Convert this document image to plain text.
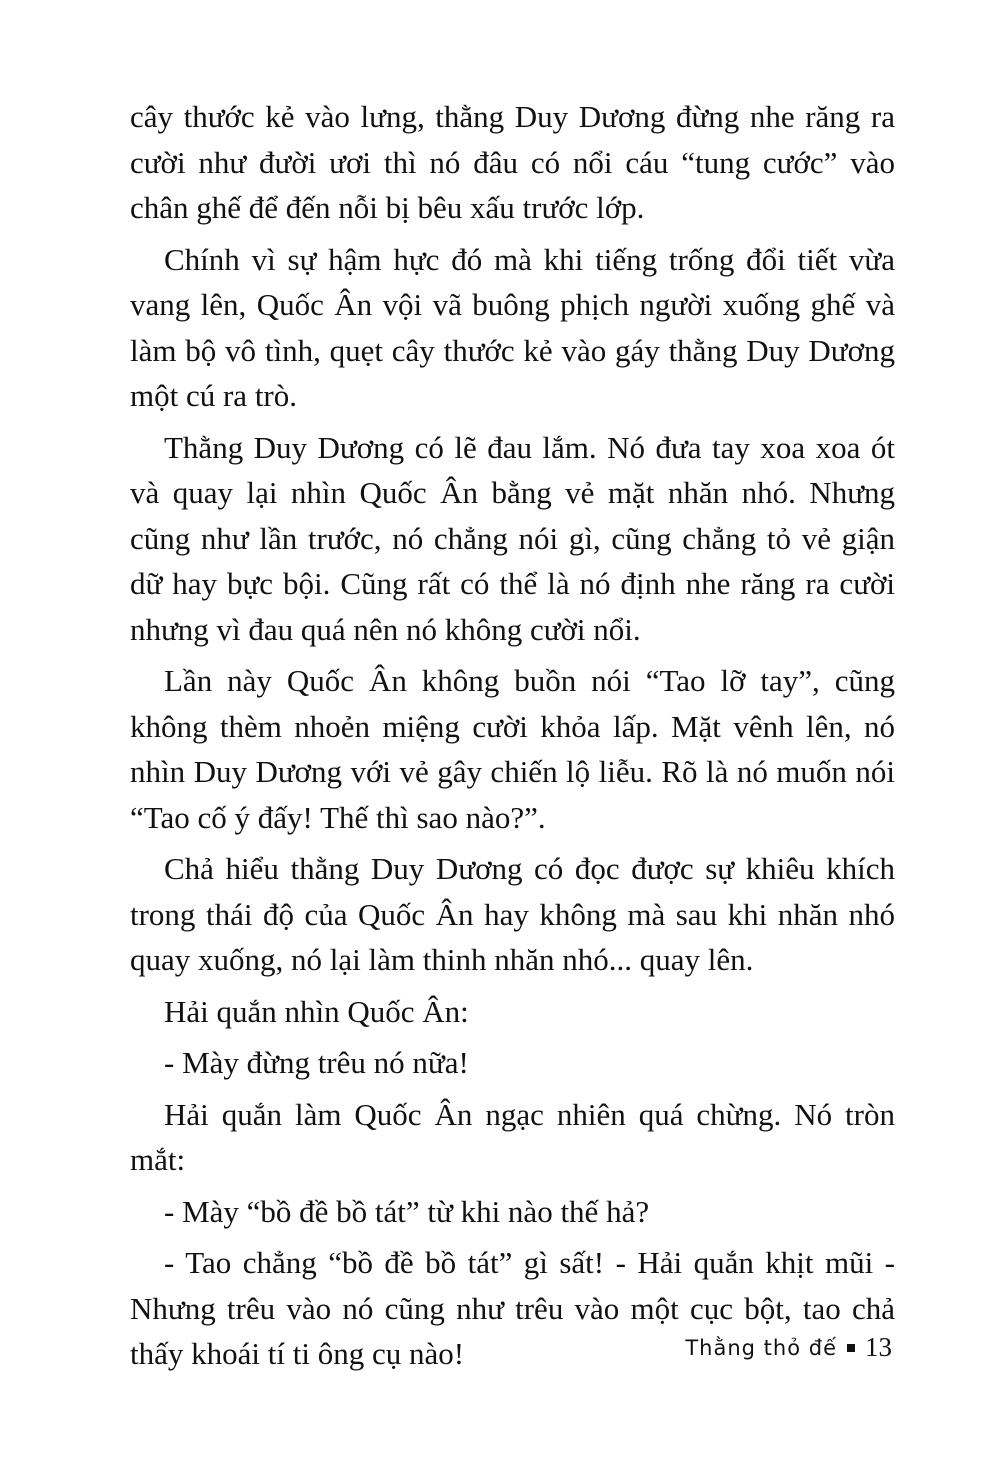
cây thước kẻ vào lưng, thằng Duy Dương đừng nhe răng ra cười như đười ươi thì nó đâu có nổi cáu “tung cước” vào chân ghế để đến nỗi bị bêu xấu trước lớp.

Chính vì sự hậm hực đó mà khi tiếng trống đổi tiết vừa vang lên, Quốc Ân vội vã buông phịch người xuống ghế và làm bộ vô tình, quẹt cây thước kẻ vào gáy thằng Duy Dương một cú ra trò.

Thằng Duy Dương có lẽ đau lắm. Nó đưa tay xoa xoa ót và quay lại nhìn Quốc Ân bằng vẻ mặt nhăn nhó. Nhưng cũng như lần trước, nó chẳng nói gì, cũng chẳng tỏ vẻ giận dữ hay bực bội. Cũng rất có thể là nó định nhe răng ra cười nhưng vì đau quá nên nó không cười nổi.

Lần này Quốc Ân không buồn nói “Tao lỡ tay”, cũng không thèm nhoẻn miệng cười khỏa lấp. Mặt vênh lên, nó nhìn Duy Dương với vẻ gây chiến lộ liễu. Rõ là nó muốn nói “Tao cố ý đấy! Thế thì sao nào?”.

Chả hiểu thằng Duy Dương có đọc được sự khiêu khích trong thái độ của Quốc Ân hay không mà sau khi nhăn nhó quay xuống, nó lại làm thinh nhăn nhó... quay lên.

Hải quắn nhìn Quốc Ân:

- Mày đừng trêu nó nữa!

Hải quắn làm Quốc Ân ngạc nhiên quá chừng. Nó tròn mắt:

- Mày “bồ đề bồ tát” từ khi nào thế hả?

- Tao chẳng “bồ đề bồ tát” gì sất! - Hải quắn khịt mũi - Nhưng trêu vào nó cũng như trêu vào một cục bột, tao chả thấy khoái tí ti ông cụ nào!	Thằng thỏ đế 13
